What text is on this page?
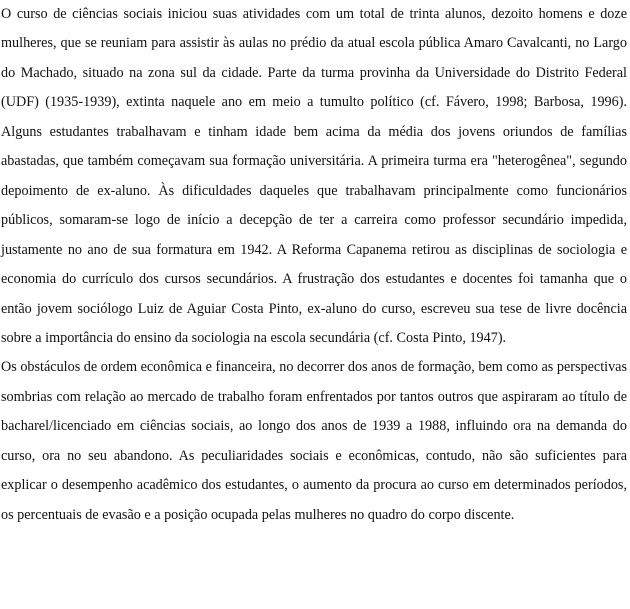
O curso de ciências sociais iniciou suas atividades com um total de trinta alunos, dezoito homens e doze mulheres, que se reuniam para assistir às aulas no prédio da atual escola pública Amaro Cavalcanti, no Largo do Machado, situado na zona sul da cidade. Parte da turma provinha da Universidade do Distrito Federal (UDF) (1935-1939), extinta naquele ano em meio a tumulto político (cf. Fávero, 1998; Barbosa, 1996). Alguns estudantes trabalhavam e tinham idade bem acima da média dos jovens oriundos de famílias abastadas, que também começavam sua formação universitária. A primeira turma era "heterogênea", segundo depoimento de ex-aluno. Às dificuldades daqueles que trabalhavam principalmente como funcionários públicos, somaram-se logo de início a decepção de ter a carreira como professor secundário impedida, justamente no ano de sua formatura em 1942. A Reforma Capanema retirou as disciplinas de sociologia e economia do currículo dos cursos secundários. A frustração dos estudantes e docentes foi tamanha que o então jovem sociólogo Luiz de Aguiar Costa Pinto, ex-aluno do curso, escreveu sua tese de livre docência sobre a importância do ensino da sociologia na escola secundária (cf. Costa Pinto, 1947).

Os obstáculos de ordem econômica e financeira, no decorrer dos anos de formação, bem como as perspectivas sombrias com relação ao mercado de trabalho foram enfrentados por tantos outros que aspiraram ao título de bacharel/licenciado em ciências sociais, ao longo dos anos de 1939 a 1988, influindo ora na demanda do curso, ora no seu abandono. As peculiaridades sociais e econômicas, contudo, não são suficientes para explicar o desempenho acadêmico dos estudantes, o aumento da procura ao curso em determinados períodos, os percentuais de evasão e a posição ocupada pelas mulheres no quadro do corpo discente.
